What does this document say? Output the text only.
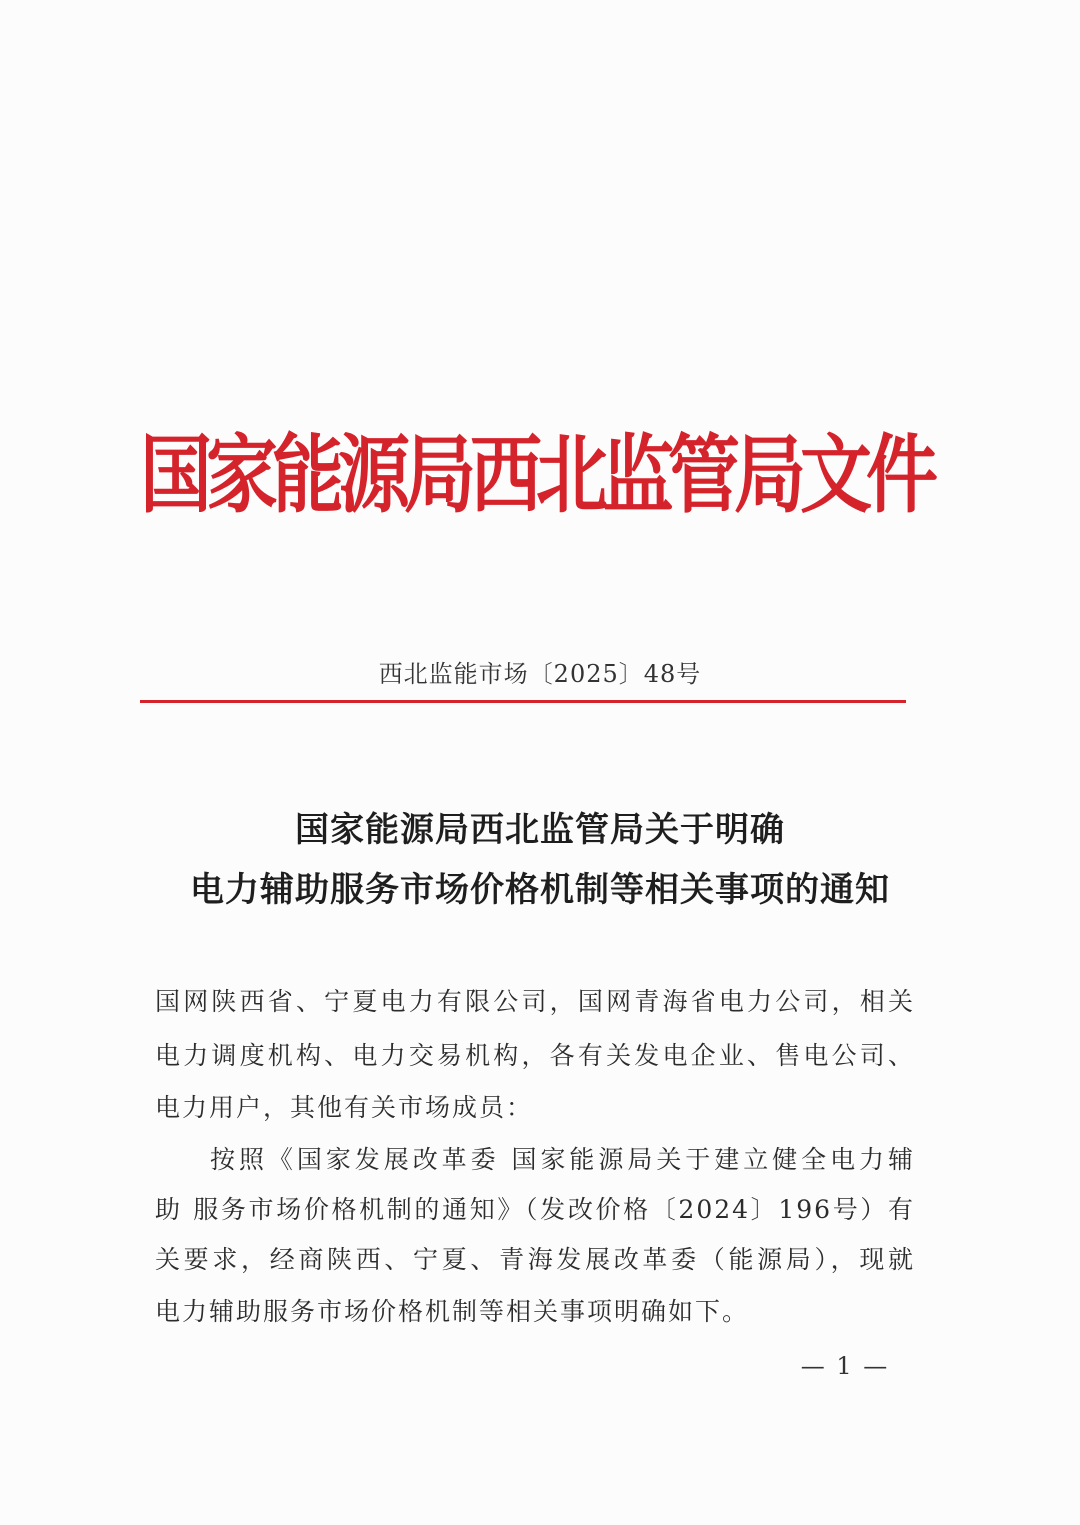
国家能源局西北监管局文件
西北监能市场〔2025〕48号
国家能源局西北监管局关于明确
电力辅助服务市场价格机制等相关事项的通知
国网陕西省、宁夏电力有限公司，国网青海省电力公司，相关
电力调度机构、电力交易机构，各有关发电企业、售电公司、
电力用户，其他有关市场成员：
按照《国家发展改革委 国家能源局关于建立健全电力辅
助 服务市场价格机制的通知》（发改价格〔2024〕196号）有
关要求，经商陕西、宁夏、青海发展改革委（能源局），现就
电力辅助服务市场价格机制等相关事项明确如下。
— 1 —
